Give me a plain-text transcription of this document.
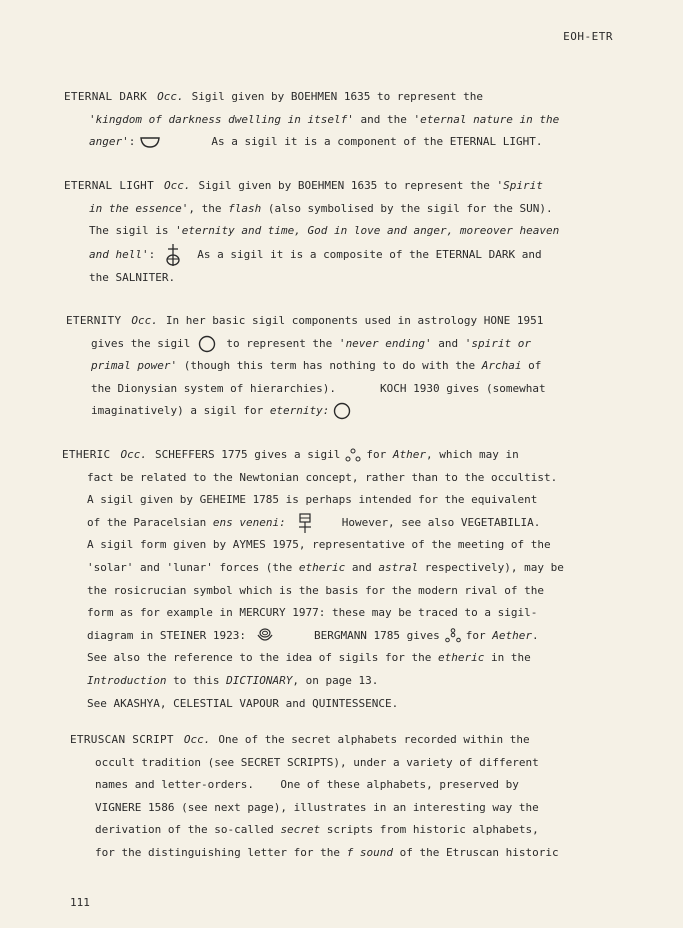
EOH-ETR
ETERNAL DARK Occ. Sigil given by BOEHMEN 1635 to represent the
'kingdom of darkness dwelling in itself' and the 'eternal nature in the
anger':	As a sigil it is a component of the ETERNAL LIGHT.
ETERNAL LIGHT Occ. Sigil given by BOEHMEN 1635 to represent the 'Spirit
in the essence', the flash (also symbolised by the sigil for the SUN).
The sigil is 'eternity and time, God in love and anger, moreover heaven
and hell':	As a sigil it is a composite of the ETERNAL DARK and
the SALNITER.
ETERNITY Occ. In her basic sigil components used in astrology HONE 1951
gives the sigil	to represent the 'never ending' and 'spirit or
primal power' (though this term has nothing to do with the Archai of
the Dionysian system of hierarchies).	KOCH 1930 gives (somewhat
imaginatively) a sigil for eternity:
ETHERIC Occ. SCHEFFERS 1775 gives a sigil for Ather, which may in
fact be related to the Newtonian concept, rather than to the occultist.
A sigil given by GEHEIME 1785 is perhaps intended for the equivalent
of the Paracelsian ens veneni:	However, see also VEGETABILIA.
A sigil form given by AYMES 1975, representative of the meeting of the
'solar' and 'lunar' forces (the etheric and astral respectively), may be
the rosicrucian symbol which is the basis for the modern rival of the
form as for example in MERCURY 1977: these may be traced to a sigil-
diagram in STEINER 1923:	BERGMANN 1785 gives for Aether.
See also the reference to the idea of sigils for the etheric in the
Introduction to this DICTIONARY, on page 13.
See AKASHYA, CELESTIAL VAPOUR and QUINTESSENCE.
ETRUSCAN SCRIPT Occ. One of the secret alphabets recorded within the
occult tradition (see SECRET SCRIPTS), under a variety of different
names and letter-orders.    One of these alphabets, preserved by
VIGNERE 1586 (see next page), illustrates in an interesting way the
derivation of the so-called secret scripts from historic alphabets,
for the distinguishing letter for the f sound of the Etruscan historic
111
